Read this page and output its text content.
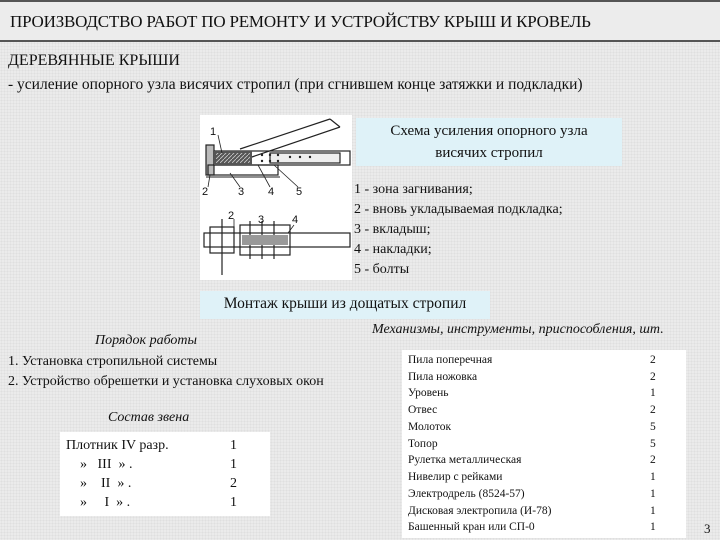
ПРОИЗВОДСТВО РАБОТ ПО РЕМОНТУ И УСТРОЙСТВУ КРЫШ И КРОВЕЛЬ
ДЕРЕВЯННЫЕ КРЫШИ
- усиление опорного узла висячих стропил (при сгнившем конце затяжки и подкладки)
1
2	3 4 5
2 3	4
Схема усиления опорного узла
висячих стропил
1 - зона загнивания;
2 - вновь укладываемая подкладка;
3 - вкладыш;
4 - накладки;
5 - болты
Монтаж крыши из дощатых стропил
Механизмы, инструменты, приспособления, шт.
Порядок работы
1. Установка стропильной системы
2. Устройство обрешетки и установка слуховых окон
Состав звена
Плотник IV разр.	1
»   III  » .	1
»    II  » .	2
»     I  » .	1
Пила поперечная	2
Пила ножовка	2
Уровень	1
Отвес	2
Молоток	5
Топор	5
Рулетка металлическая	2
Нивелир с рейками	1
Электродрель (8524-57)	1
Дисковая электропила (И-78)	1
Башенный кран или СП-0	1	3
